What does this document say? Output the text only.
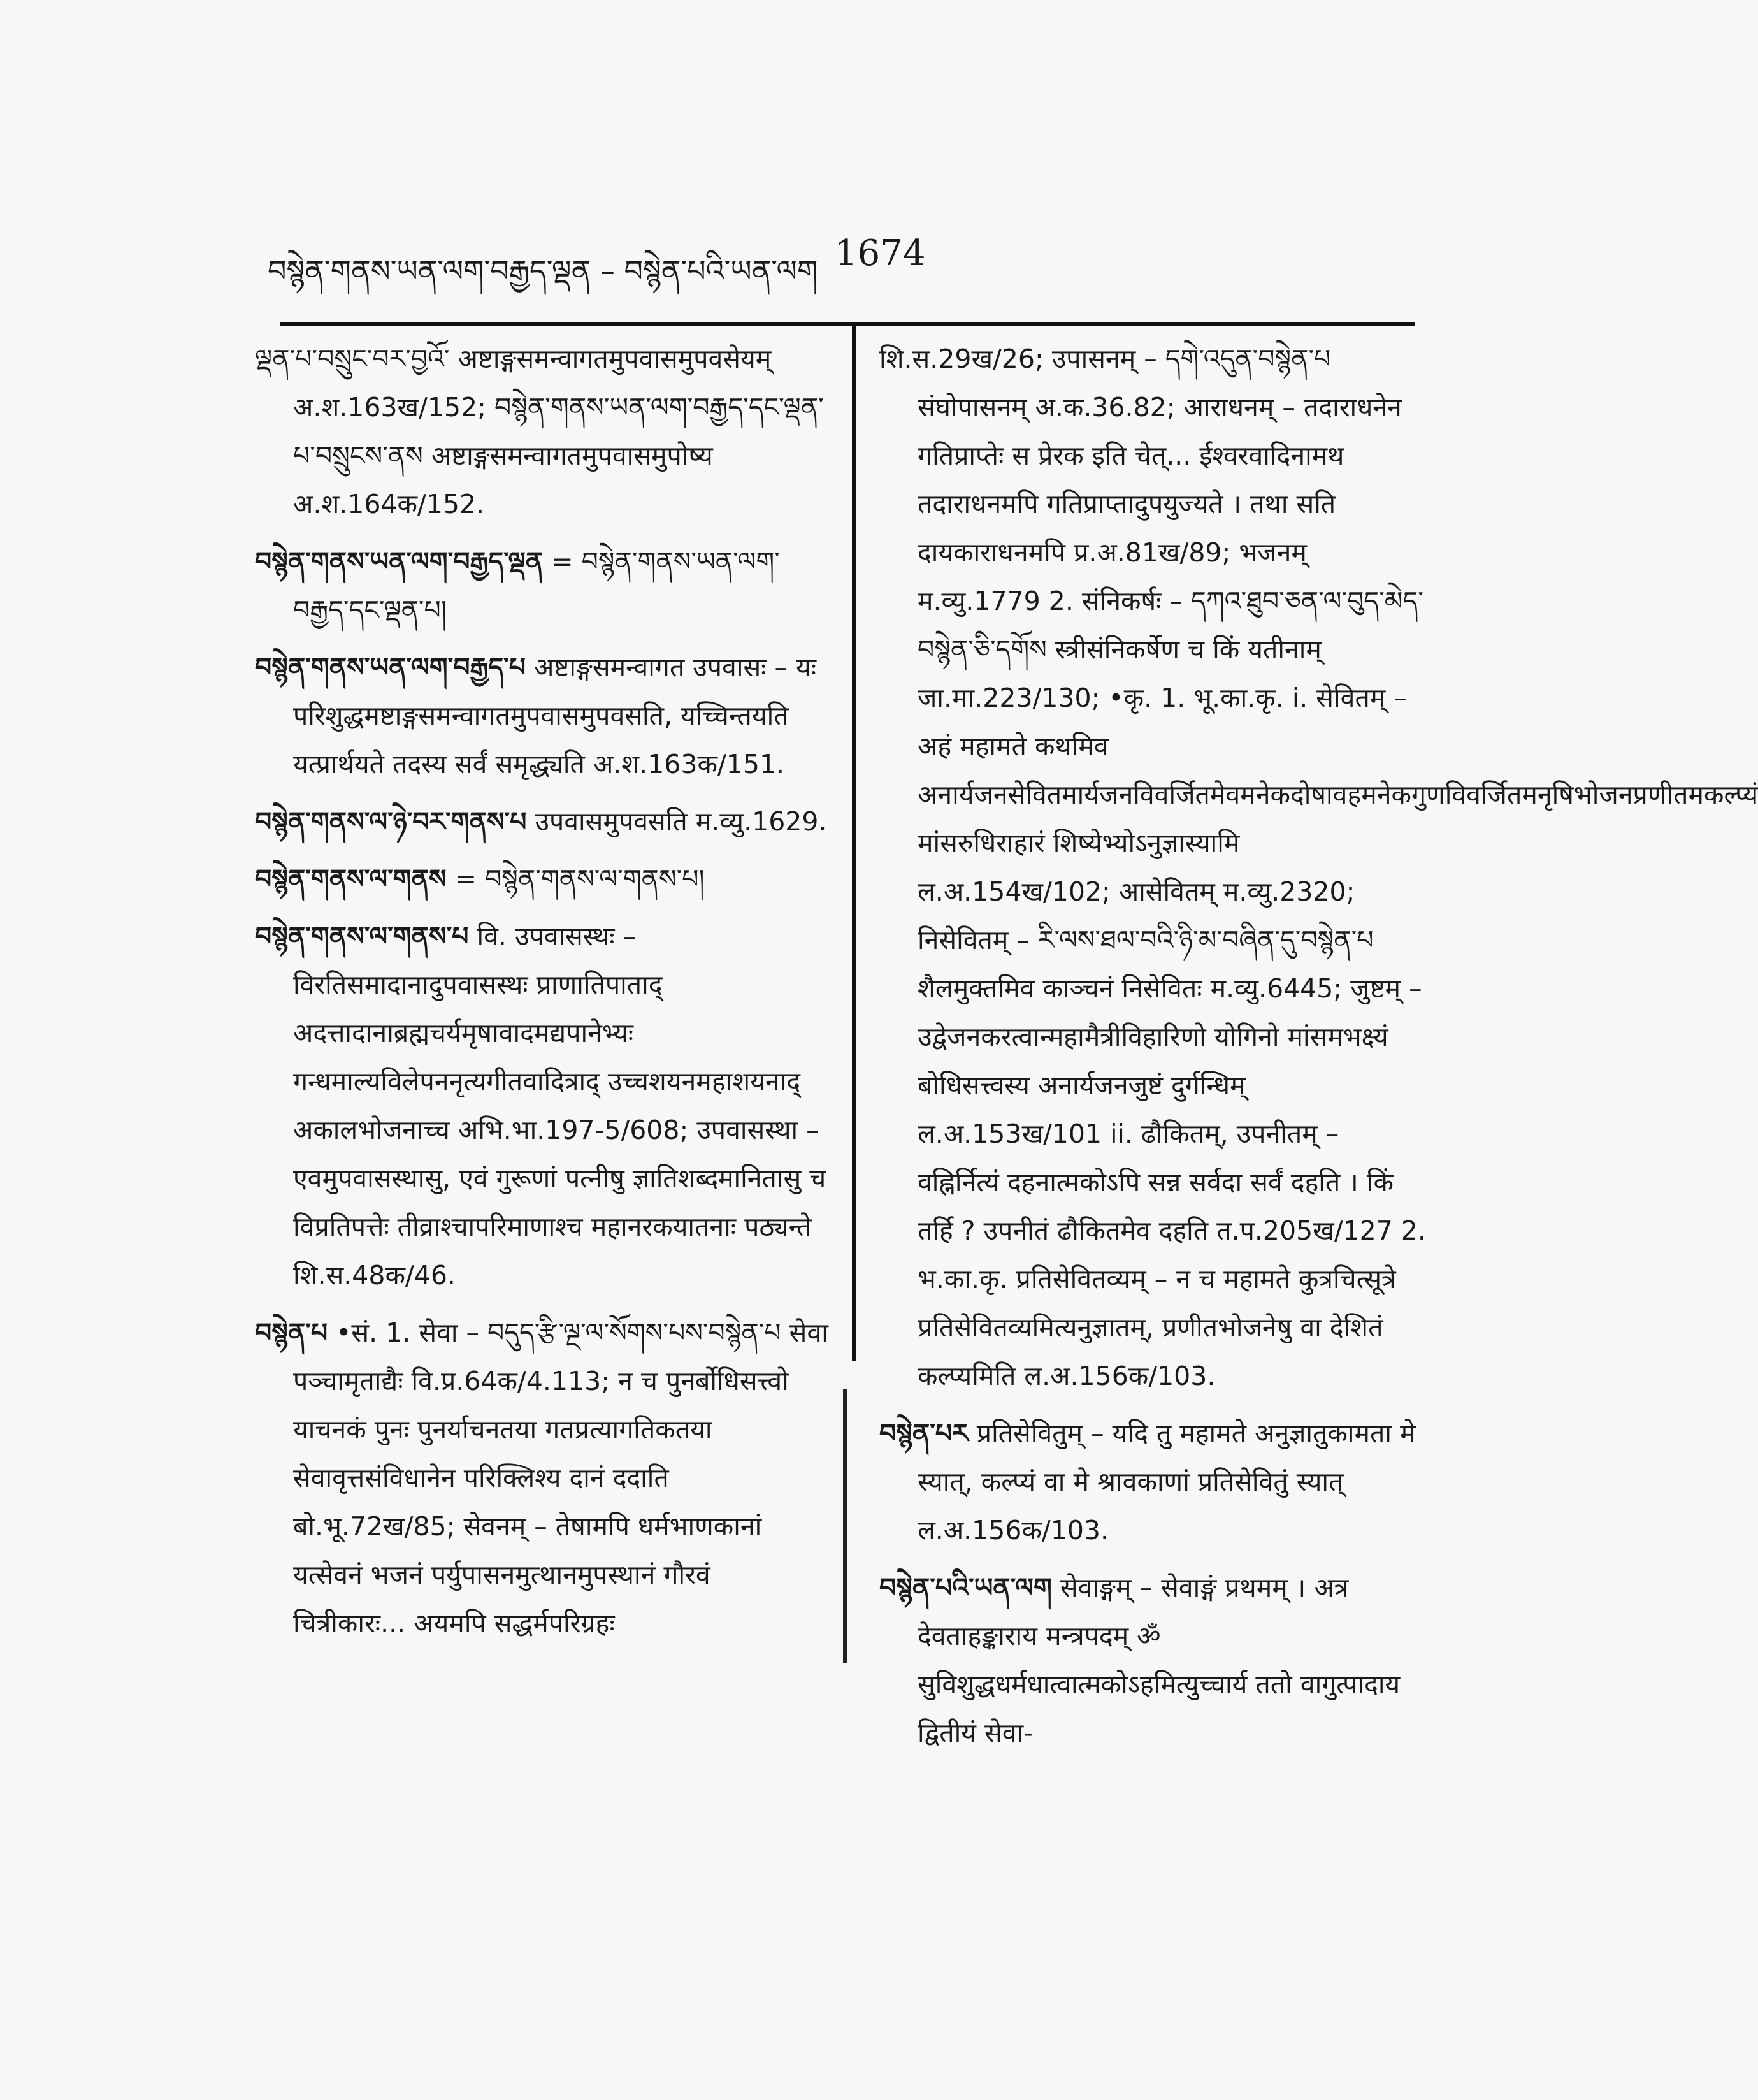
བསྙེན་གནས་ཡན་ལག་བརྒྱད་ལྡན – བསྙེན་པའི་ཡན་ལག 1674

ལྡན་པ་བསྲུང་བར་བྱའོ་ अष्टाङ्गसमन्वागतमुपवासमुपवसेयम् अ.श.163ख/152; བསྙེན་གནས་ཡན་ལག་བརྒྱད་དང་ལྡན་པ་བསྲུངས་ནས अष्टाङ्गसमन्वागतमुपवासमुपोष्य अ.श.164क/152.

བསྙེན་གནས་ཡན་ལག་བརྒྱད་ལྡན = བསྙེན་གནས་ཡན་ལག་བརྒྱད་དང་ལྡན་པ།

བསྙེན་གནས་ཡན་ལག་བརྒྱད་པ अष्टाङ्गसमन्वागत उपवासः – यः परिशुद्धमष्टाङ्गसमन्वागतमुपवासमुपवसति, यच्चिन्तयति यत्प्रार्थयते तदस्य सर्वं समृद्ध्यति अ.श.163क/151.

བསྙེན་གནས་ལ་ཉེ་བར་གནས་པ उपवासमुपवसति म.व्यु.1629.

བསྙེན་གནས་ལ་གནས = བསྙེན་གནས་ལ་གནས་པ།

བསྙེན་གནས་ལ་གནས་པ वि. उपवासस्थः – विरतिसमादानादुपवासस्थः प्राणातिपाताद् अदत्तादानाब्रह्मचर्यमृषावादमद्यपानेभ्यः गन्धमाल्यविलेपननृत्यगीतवादित्राद् उच्चशयनमहाशयनाद् अकालभोजनाच्च अभि.भा.197-5/608; उपवासस्था – एवमुपवासस्थासु, एवं गुरूणां पत्नीषु ज्ञातिशब्दमानितासु च विप्रतिपत्तेः तीव्राश्चापरिमाणाश्च महानरकयातनाः पठ्यन्ते शि.स.48क/46.

བསྙེན་པ •सं. 1. सेवा – བདུད་རྩི་ལྔ་ལ་སོགས་པས་བསྙེན་པ सेवा पञ्चामृताद्यैः वि.प्र.64क/4.113; न च पुनर्बोधिसत्त्वो याचनकं पुनः पुनर्याचनतया गतप्रत्यागतिकतया सेवावृत्तसंविधानेन परिक्लिश्य दानं ददाति बो.भू.72ख/85; सेवनम् – तेषामपि धर्मभाणकानां यत्सेवनं भजनं पर्युपासनमुत्थानमुपस्थानं गौरवं चित्रीकारः... अयमपि सद्धर्मपरिग्रहः

शि.स.29ख/26; उपासनम् – དགེ་འདུན་བསྙེན་པ संघोपासनम् अ.क.36.82; आराधनम् – तदाराधनेन गतिप्राप्तेः स प्रेरक इति चेत्... ईश्वरवादिनामथ तदाराधनमपि गतिप्राप्तादुपयुज्यते । तथा सति दायकाराधनमपि प्र.अ.81ख/89; भजनम् म.व्यु.1779 2. संनिकर्षः – དཀའ་ཐུབ་ཅན་ལ་བུད་མེད་བསྙེན་ཅི་དགོས स्त्रीसंनिकर्षेण च किं यतीनाम् जा.मा.223/130; •कृ. 1. भू.का.कृ. i. सेवितम् – अहं महामते कथमिव अनार्यजनसेवितमार्यजनविवर्जितमेवमनेकदोषावहमनेकगुणविवर्जितमनृषिभोजनप्रणीतमकल्प्यं मांसरुधिराहारं शिष्येभ्योऽनुज्ञास्यामि ल.अ.154ख/102; आसेवितम् म.व्यु.2320; निसेवितम् – རི་ལས་ཐལ་བའི་ཉི་མ་བཞིན་དུ་བསྙེན་པ शैलमुक्तमिव काञ्चनं निसेवितः म.व्यु.6445; जुष्टम् – उद्वेजनकरत्वान्महामैत्रीविहारिणो योगिनो मांसमभक्ष्यं बोधिसत्त्वस्य अनार्यजनजुष्टं दुर्गन्धिम् ल.अ.153ख/101 ii. ढौकितम्, उपनीतम् – वह्निर्नित्यं दहनात्मकोऽपि सन्न सर्वदा सर्वं दहति । किं तर्हि ? उपनीतं ढौकितमेव दहति त.प.205ख/127 2. भ.का.कृ. प्रतिसेवितव्यम् – न च महामते कुत्रचित्सूत्रे प्रतिसेवितव्यमित्यनुज्ञातम्, प्रणीतभोजनेषु वा देशितं कल्प्यमिति ल.अ.156क/103.

བསྙེན་པར प्रतिसेवितुम् – यदि तु महामते अनुज्ञातुकामता मे स्यात्, कल्प्यं वा मे श्रावकाणां प्रतिसेवितुं स्यात् ल.अ.156क/103.

བསྙེན་པའི་ཡན་ལག सेवाङ्गम् – सेवाङ्गं प्रथमम् । अत्र देवताहङ्काराय मन्त्रपदम् ॐ सुविशुद्धधर्मधात्वात्मकोऽहमित्युच्चार्य ततो वागुत्पादाय द्वितीयं सेवा-
